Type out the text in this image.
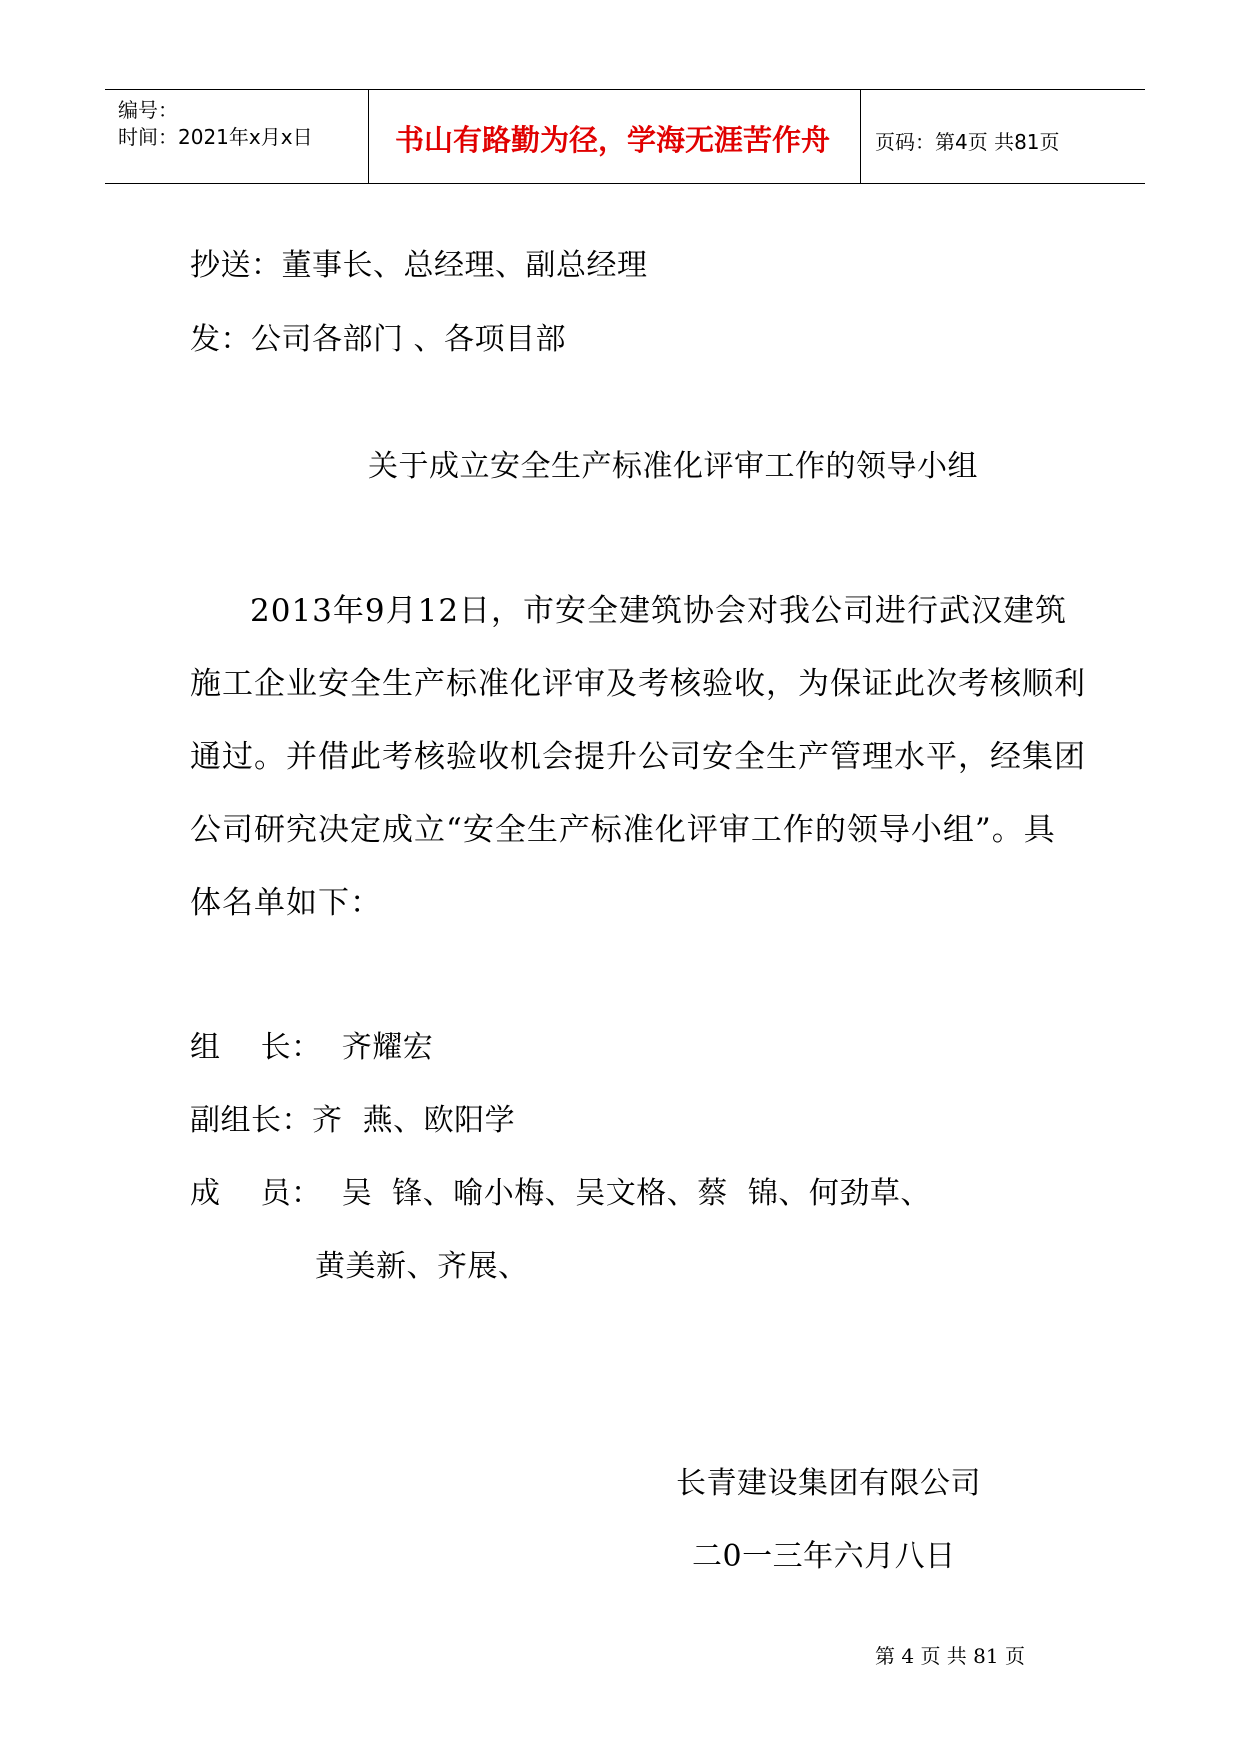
编号：
时间：2021年x月x日	书山有路勤为径，学海无涯苦作舟 页码：第4页 共81页
抄送：董事长、总经理、副总经理
发：公司各部门 、各项目部
关于成立安全生产标准化评审工作的领导小组
2013年9月12日，市安全建筑协会对我公司进行武汉建筑
施工企业安全生产标准化评审及考核验收，为保证此次考核顺利
通过。并借此考核验收机会提升公司安全生产管理水平，经集团
公司研究决定成立“安全生产标准化评审工作的领导小组”。具
体名单如下：
组    长：  齐耀宏
副组长：齐  燕、欧阳学
成    员：  吴  锋、喻小梅、吴文格、蔡  锦、何劲草、
黄美新、齐展、
长青建设集团有限公司
二0一三年六月八日
第 4 页 共 81 页
